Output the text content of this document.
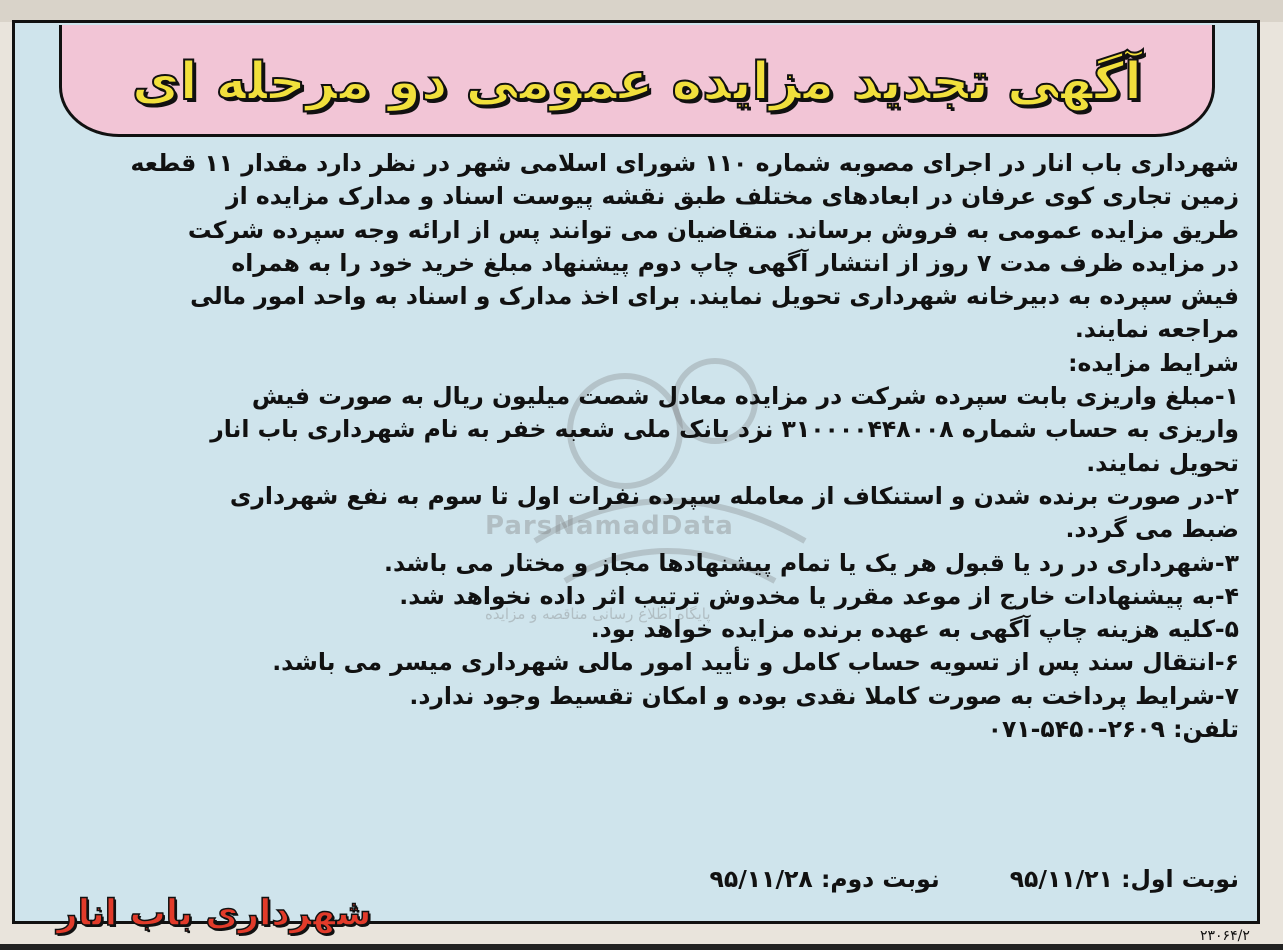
آگهی تجدید مزایده عمومی دو مرحله ای
ParsNamadData
پایگاه اطلاع رسانی مناقصه و مزایده
شهرداری باب انار در اجرای مصوبه شماره ۱۱۰ شورای اسلامی شهر در نظر دارد مقدار ۱۱ قطعه
زمین تجاری کوی عرفان در ابعادهای مختلف طبق نقشه پیوست اسناد و مدارک مزایده از
طریق مزایده عمومی به فروش برساند. متقاضیان می توانند پس از ارائه وجه سپرده شرکت
در مزایده ظرف مدت ۷ روز از انتشار آگهی چاپ دوم پیشنهاد مبلغ خرید خود را به همراه
فیش سپرده به دبیرخانه شهرداری تحویل نمایند. برای اخذ مدارک و اسناد به واحد امور مالی
مراجعه نمایند.
شرایط مزایده:
۱-مبلغ واریزی بابت سپرده شرکت در مزایده معادل شصت میلیون ریال به صورت فیش
واریزی به حساب شماره ۳۱۰۰۰۰۴۴۸۰۰۸ نزد بانک ملی شعبه خفر به نام شهرداری باب انار
تحویل نمایند.
۲-در صورت برنده شدن و استنکاف از معامله سپرده نفرات اول تا سوم به نفع شهرداری
ضبط می گردد.
۳-شهرداری در رد یا قبول هر یک یا تمام پیشنهادها مجاز و مختار می باشد.
۴-به پیشنهادات خارج از موعد مقرر یا مخدوش ترتیب اثر داده نخواهد شد.
۵-کلیه هزینه چاپ آگهی به عهده برنده مزایده خواهد بود.
۶-انتقال سند پس از تسویه حساب کامل و تأیید امور مالی شهرداری میسر می باشد.
۷-شرایط پرداخت به صورت کاملا نقدی بوده و امکان تقسیط وجود ندارد.
تلفن: ۲۶۰۹-۵۴۵۰-۰۷۱
نوبت اول: ۹۵/۱۱/۲۱
نوبت دوم: ۹۵/۱۱/۲۸
شهرداری باب انار
۲۳۰۶۴/۲
